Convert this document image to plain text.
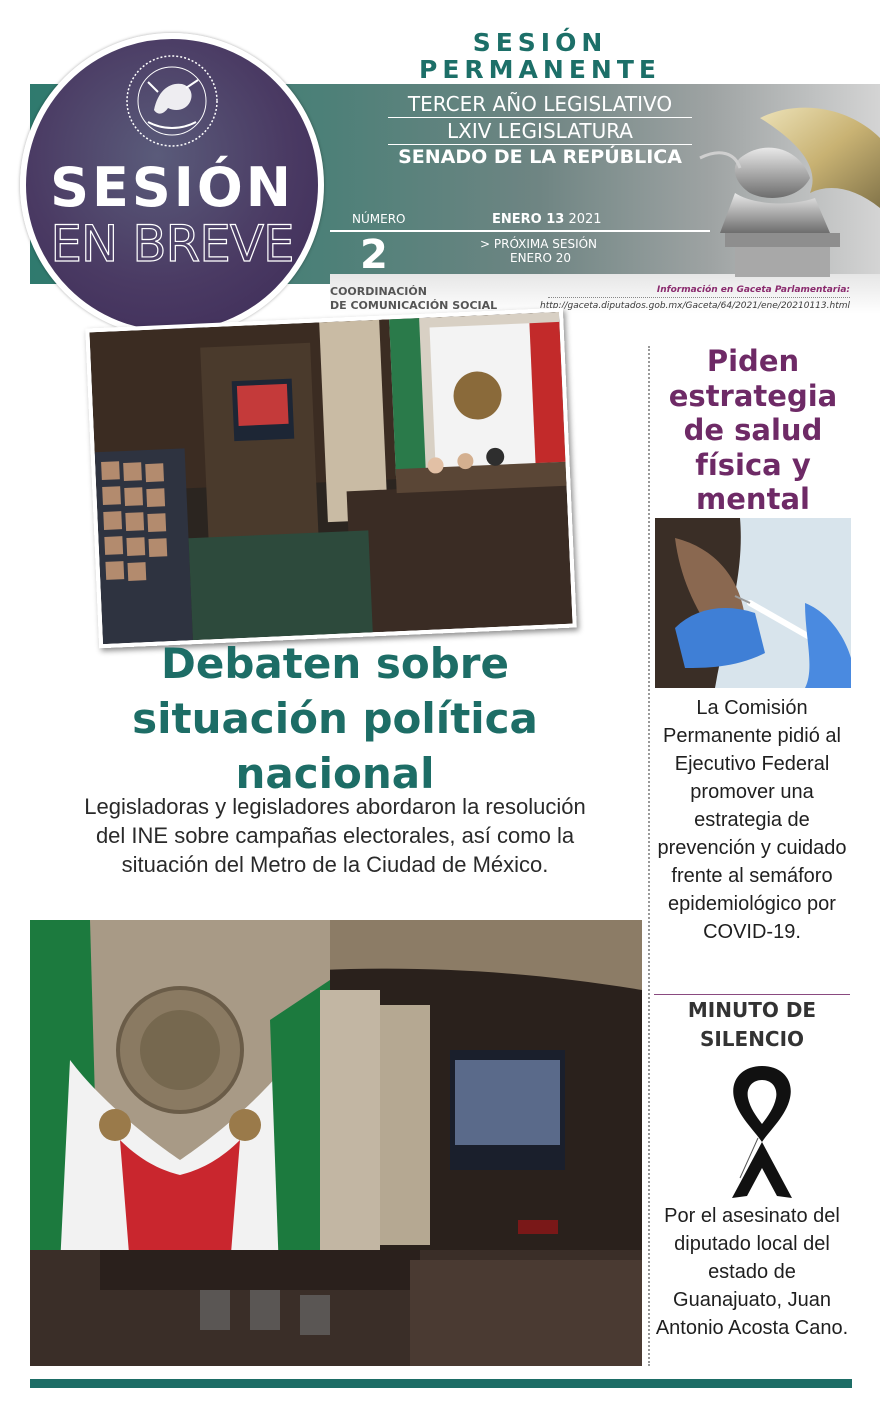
SESIÓN
EN BREVE
SESIÓN
PERMANENTE
TERCER AÑO LEGISLATIVO
LXIV LEGISLATURA
SENADO DE LA REPÚBLICA
NÚMERO
2
ENERO 13 2021
> PRÓXIMA SESIÓN
ENERO 20
COORDINACIÓN
DE COMUNICACIÓN SOCIAL
Información en Gaceta Parlamentaria:
http://gaceta.diputados.gob.mx/Gaceta/64/2021/ene/20210113.html
Debaten sobre situación política nacional
Legisladoras y legisladores abordaron la resolución del INE sobre campañas electorales, así como la situación del Metro de la Ciudad de México.
Piden estrategia de salud física y mental
La Comisión Permanente pidió al Ejecutivo Federal promover una estrategia de prevención y cuidado frente al semáforo epidemiológico por COVID-19.
MINUTO DE SILENCIO
Por el asesinato del diputado local del estado de Guanajuato, Juan Antonio Acosta Cano.
